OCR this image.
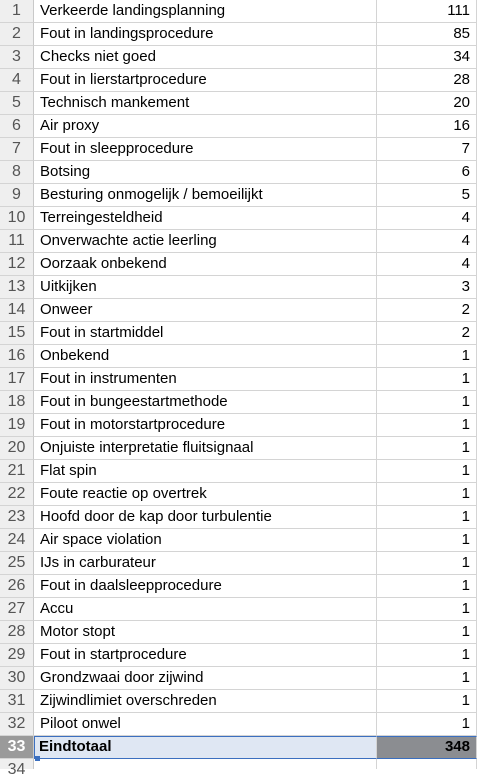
1	Verkeerde landingsplanning	111
2	Fout in landingsprocedure	85
3	Checks niet goed	34
4	Fout in lierstartprocedure	28
5	Technisch mankement	20
6	Air proxy	16
7	Fout in sleepprocedure	7
8	Botsing	6
9	Besturing onmogelijk / bemoeilijkt	5
10 Terreingesteldheid	4
11	Onverwachte actie leerling	4
12 Oorzaak onbekend	4
13 Uitkijken	3
14 Onweer	2
15 Fout in startmiddel	2
16 Onbekend	1
17 Fout in instrumenten	1
18 Fout in bungeestartmethode	1
19 Fout in motorstartprocedure	1
20 Onjuiste interpretatie fluitsignaal	1
21 Flat spin	1
22 Foute reactie op overtrek	1
23 Hoofd door de kap door turbulentie	1
24 Air space violation	1
25 IJs in carburateur	1
26 Fout in daalsleepprocedure	1
27 Accu	1
28 Motor stopt	1
29 Fout in startprocedure	1
30 Grondzwaai door zijwind	1
31 Zijwindlimiet overschreden	1
32 Piloot onwel	1
33 Eindtotaal	348
34
